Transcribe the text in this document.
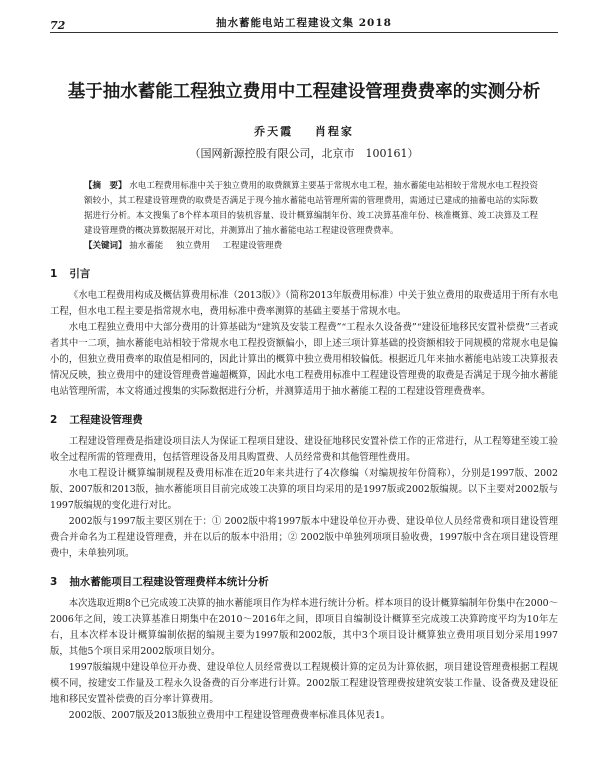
72	抽水蓄能电站工程建设文集 2018
基于抽水蓄能工程独立费用中工程建设管理费费率的实测分析
乔天霞 肖程家
（国网新源控股有限公司，北京市　100161）
【摘　要】 水电工程费用标准中关于独立费用的取费额算主要基于常规水电工程，抽水蓄能电站相较于常规水电工程投资额较小，其工程建设管理费的取费是否满足于现今抽水蓄能电站管理所需的管理费用，需通过已建成的抽蓄电站的实际数据进行分析。本文搜集了8个样本项目的装机容量、设计概算编制年份、竣工决算基准年份、核准概算、竣工决算及工程建设管理费的概决算数据展开对比，并测算出了抽水蓄能电站工程建设管理费费率。
【关键词】 抽水蓄能 独立费用 工程建设管理费
1 引言

《水电工程费用构成及概估算费用标准（2013版）》（简称2013年版费用标准）中关于独立费用的取费适用于所有水电工程，但水电工程主要是指常规水电，费用标准中费率测算的基础主要基于常规水电。

水电工程独立费用中大部分费用的计算基础为“建筑及安装工程费”“工程永久设备费”“建设征地移民安置补偿费”三者或者其中一二项，抽水蓄能电站相较于常规水电工程投资额偏小，即上述三项计算基础的投资额相较于同规模的常规水电是偏小的，但独立费用费率的取值是相同的，因此计算出的概算中独立费用相较偏低。根据近几年来抽水蓄能电站竣工决算报表情况反映，独立费用中的建设管理费普遍超概算，因此水电工程费用标准中工程建设管理费的取费是否满足于现今抽水蓄能电站管理所需，本文将通过搜集的实际数据进行分析，并测算适用于抽水蓄能工程的工程建设管理费费率。

2 工程建设管理费

工程建设管理费是指建设项目法人为保证工程项目建设、建设征地移民安置补偿工作的正常进行，从工程筹建至竣工验收全过程所需的管理费用，包括管理设备及用具购置费、人员经常费和其他管理性费用。

水电工程设计概算编制规程及费用标准在近20年来共进行了4次修编（对编规按年份简称），分别是1997版、2002版、2007版和2013版，抽水蓄能项目目前完成竣工决算的项目均采用的是1997版或2002版编规。以下主要对2002版与1997版编规的变化进行对比。

2002版与1997版主要区别在于：① 2002版中将1997版本中建设单位开办费、建设单位人员经常费和项目建设管理费合并命名为工程建设管理费，并在以后的版本中沿用；② 2002版中单独列项项目验收费，1997版中含在项目建设管理费中，未单独列项。

3 抽水蓄能项目工程建设管理费样本统计分析

本次选取近期8个已完成竣工决算的抽水蓄能项目作为样本进行统计分析。样本项目的设计概算编制年份集中在2000～2006年之间，竣工决算基准日期集中在2010～2016年之间，即项目自编制设计概算至完成竣工决算跨度平均为10年左右，且本次样本设计概算编制依据的编规主要为1997版和2002版，其中3个项目设计概算独立费用项目划分采用1997版，其他5个项目采用2002版项目划分。

1997版编规中建设单位开办费、建设单位人员经常费以工程规模计算的定员为计算依据，项目建设管理费根据工程规模不同，按建安工作量及工程永久设备费的百分率进行计算。2002版工程建设管理费按建筑安装工作量、设备费及建设征地和移民安置补偿费的百分率计算费用。

2002版、2007版及2013版独立费用中工程建设管理费费率标准具体见表1。
